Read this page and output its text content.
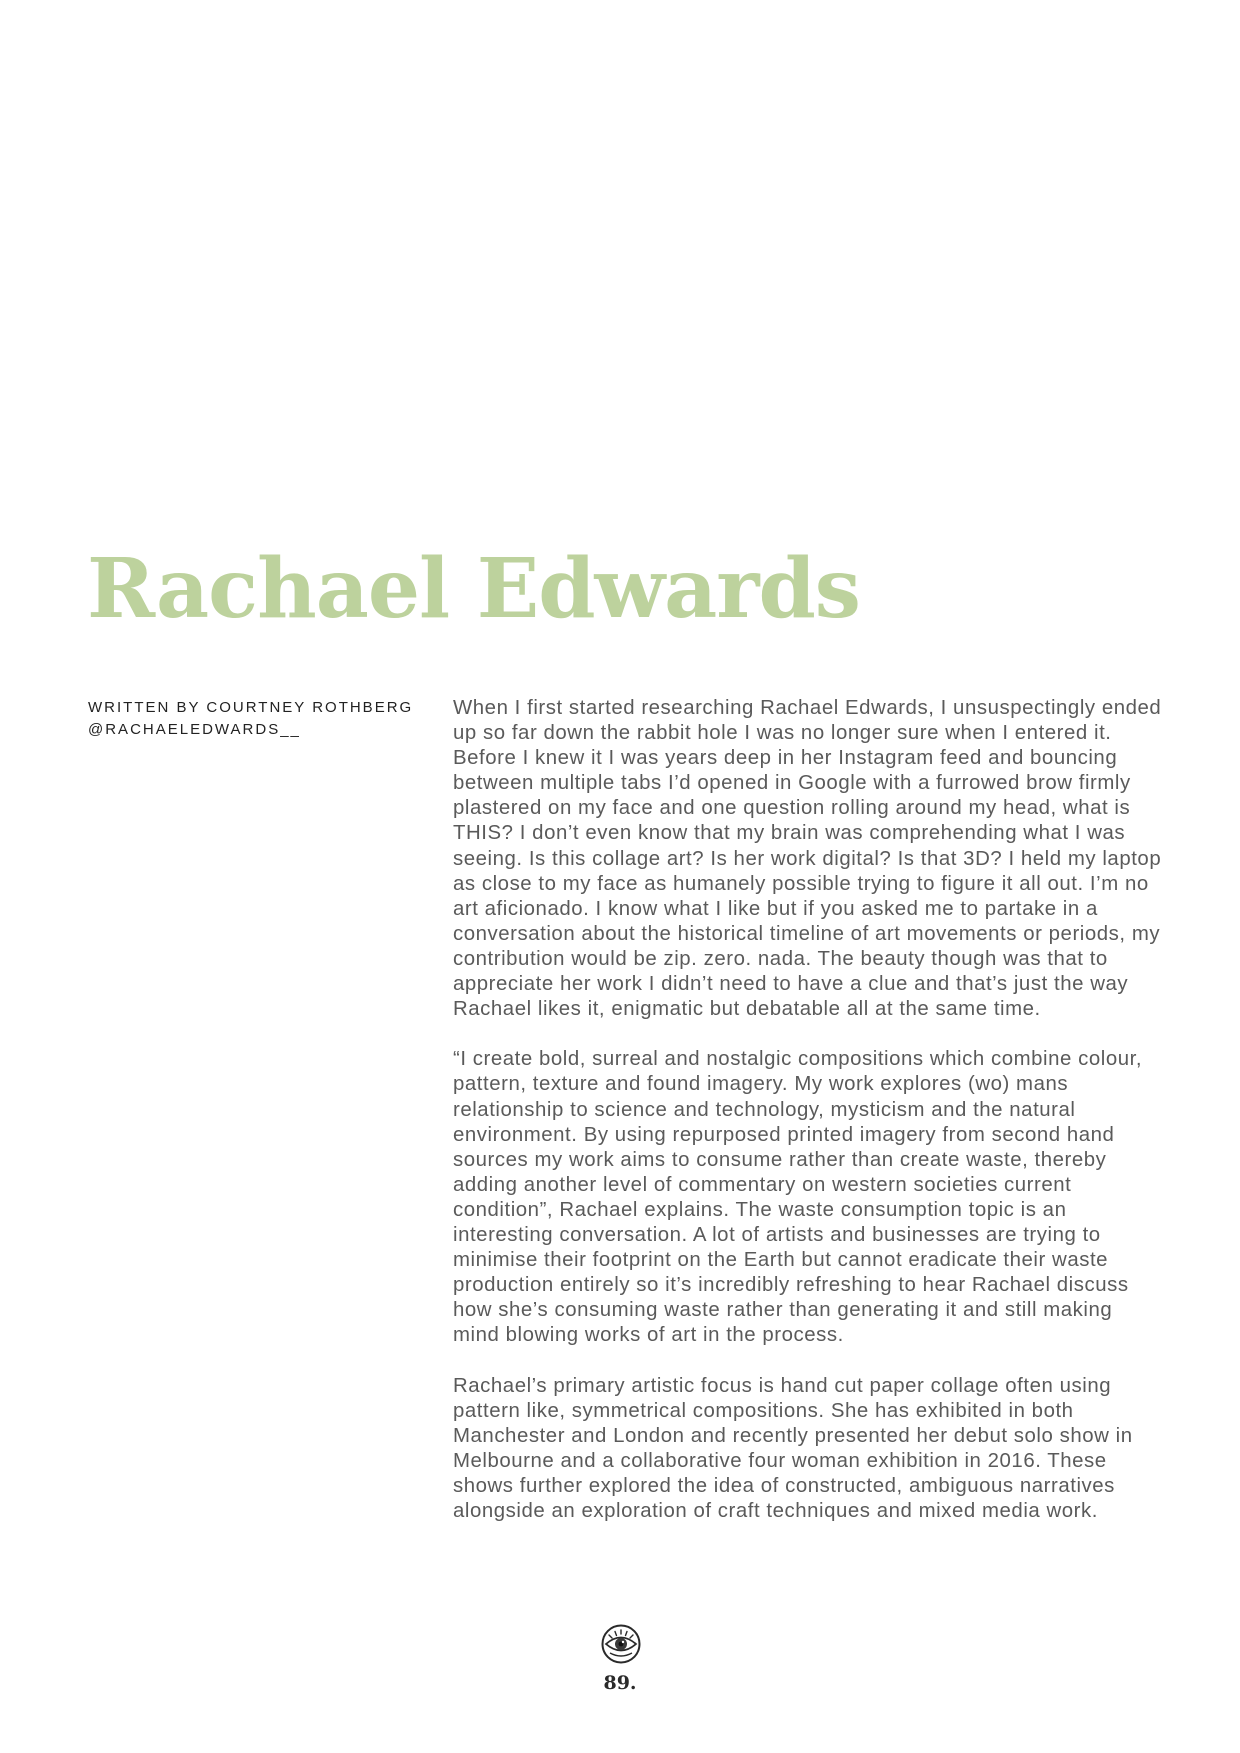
Rachael Edwards
WRITTEN BY COURTNEY ROTHBERG
@RACHAELEDWARDS__

When I first started researching Rachael Edwards, I unsuspectingly ended up so far down the rabbit hole I was no longer sure when I entered it. Before I knew it I was years deep in her Instagram feed and bouncing between multiple tabs I’d opened in Google with a furrowed brow firmly plastered on my face and one question rolling around my head, what is THIS? I don’t even know that my brain was comprehending what I was seeing. Is this collage art? Is her work digital? Is that 3D? I held my laptop as close to my face as humanely possible trying to figure it all out. I’m no art aficionado. I know what I like but if you asked me to partake in a conversation about the historical timeline of art movements or periods, my contribution would be zip. zero. nada. The beauty though was that to appreciate her work I didn’t need to have a clue and that’s just the way Rachael likes it, enigmatic but debatable all at the same time.

“I create bold, surreal and nostalgic compositions which combine colour, pattern, texture and found imagery. My work explores (wo) mans relationship to science and technology, mysticism and the natural environment. By using repurposed printed imagery from second hand sources my work aims to consume rather than create waste, thereby adding another level of commentary on western societies current condition”, Rachael explains. The waste consumption topic is an interesting conversation. A lot of artists and businesses are trying to minimise their footprint on the Earth but cannot eradicate their waste production entirely so it’s incredibly refreshing to hear Rachael discuss how she’s consuming waste rather than generating it and still making mind blowing works of art in the process.

Rachael’s primary artistic focus is hand cut paper collage often using pattern like, symmetrical compositions. She has exhibited in both Manchester and London and recently presented her debut solo show in Melbourne and a collaborative four woman exhibition in 2016. These shows further explored the idea of constructed, ambiguous narratives alongside an exploration of craft techniques and mixed media work.

89.
